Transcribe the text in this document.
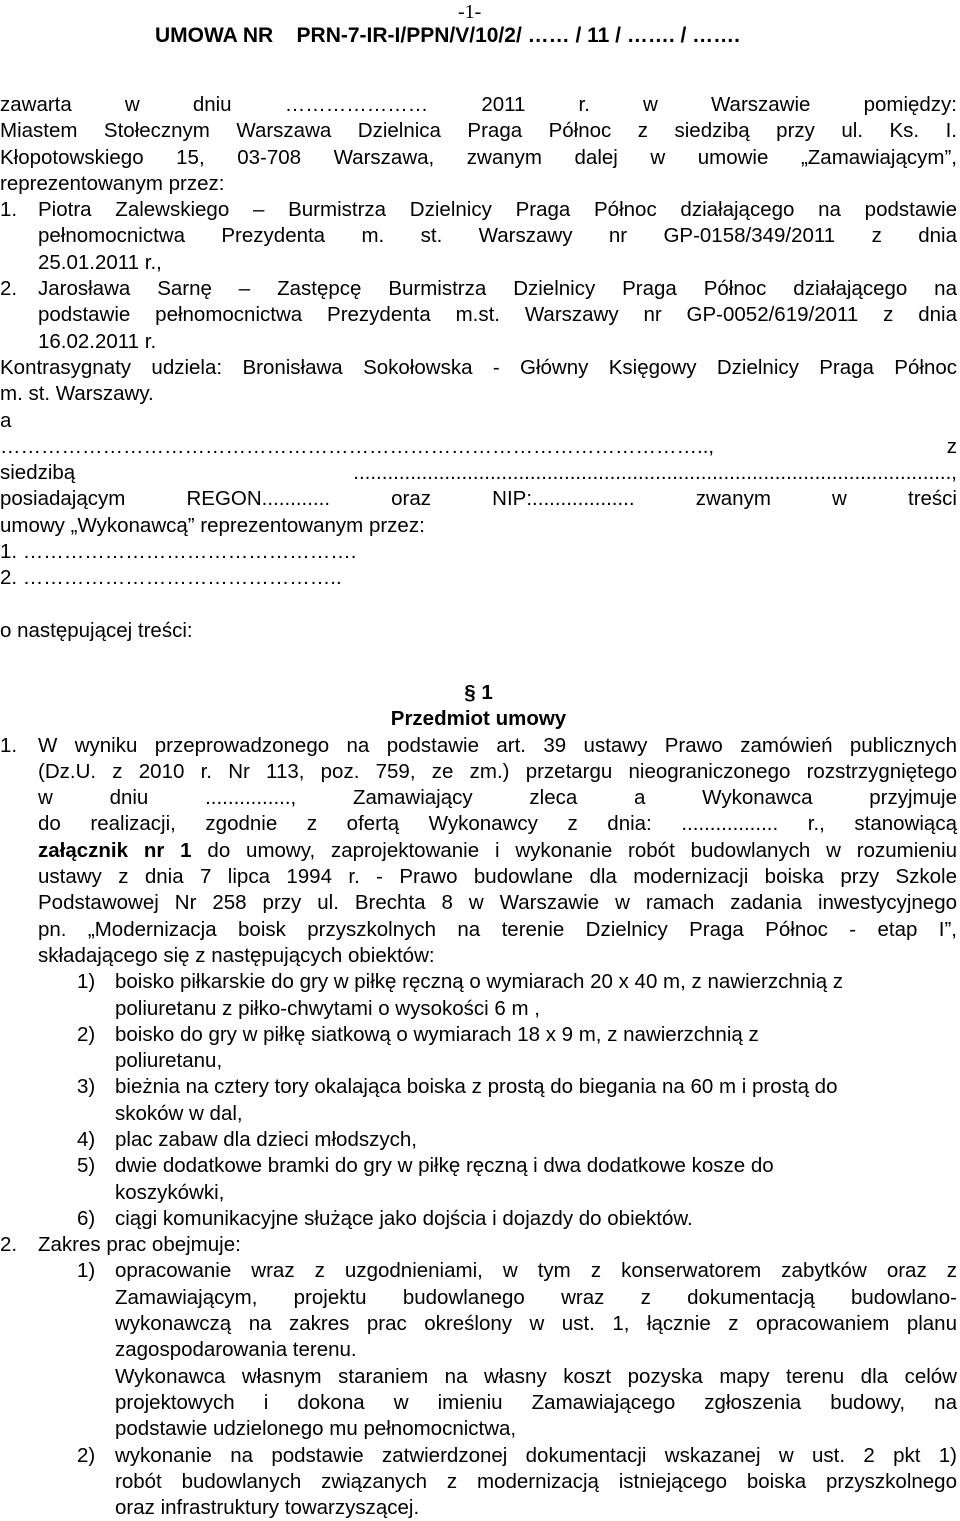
-1-
UMOWA NR    PRN-7-IR-I/PPN/V/10/2/ …… / 11 / ……. / …….

zawarta w dniu ………………… 2011 r. w Warszawie pomiędzy:

Miastem Stołecznym Warszawa Dzielnica Praga Północ z siedzibą przy ul. Ks. I.

Kłopotowskiego 15, 03-708 Warszawa, zwanym dalej w umowie „Zamawiającym”,

reprezentowanym przez:

1.	Piotra Zalewskiego – Burmistrza Dzielnicy Praga Północ działającego na podstawie

pełnomocnictwa Prezydenta m. st. Warszawy nr GP-0158/349/2011 z dnia

25.01.2011 r.,

2.	Jarosława Sarnę – Zastępcę Burmistrza Dzielnicy Praga Północ działającego na

podstawie pełnomocnictwa Prezydenta m.st. Warszawy nr GP-0052/619/2011 z dnia

16.02.2011 r.

Kontrasygnaty udziela: Bronisława Sokołowska - Główny Księgowy Dzielnicy Praga Północ

m. st. Warszawy.

a

………………………………………………………………………………………….., z

siedzibą .........................................................................................................,

posiadającym REGON............ oraz NIP:.................. zwanym w treści

umowy „Wykonawcą” reprezentowanym przez:

1. ………………………………………….

2. ………………………………………..

o następującej treści:

§ 1

Przedmiot umowy

1.	W wyniku przeprowadzonego na podstawie art. 39 ustawy Prawo zamówień publicznych

(Dz.U. z 2010 r. Nr 113, poz. 759, ze zm.) przetargu nieograniczonego rozstrzygniętego

w dniu ..............., Zamawiający zleca a Wykonawca przyjmuje

do realizacji, zgodnie z ofertą Wykonawcy z dnia: ................. r., stanowiącą

załącznik nr 1 do umowy, zaprojektowanie i wykonanie robót budowlanych w rozumieniu

ustawy z dnia 7 lipca 1994 r. - Prawo budowlane dla modernizacji boiska przy Szkole

Podstawowej Nr 258 przy ul. Brechta 8 w Warszawie w ramach zadania inwestycyjnego

pn. „Modernizacja boisk przyszkolnych na terenie Dzielnicy Praga Północ - etap I”,

składającego się z następujących obiektów:

1) boisko piłkarskie do gry w piłkę ręczną o wymiarach 20 x 40 m, z nawierzchnią z

poliuretanu z piłko-chwytami o wysokości 6 m ,

2) boisko do gry w piłkę siatkową o wymiarach 18 x 9 m, z nawierzchnią z

poliuretanu,

3) bieżnia na cztery tory okalająca boiska z prostą do biegania na 60 m i prostą do

skoków w dal,

4) plac zabaw dla dzieci młodszych,

5) dwie dodatkowe bramki do gry w piłkę ręczną i dwa dodatkowe kosze do

koszykówki,

6) ciągi komunikacyjne służące jako dojścia i dojazdy do obiektów.

2.	Zakres prac obejmuje:

1) opracowanie wraz z uzgodnieniami, w tym z konserwatorem zabytków oraz z

Zamawiającym, projektu budowlanego wraz z dokumentacją budowlano-

wykonawczą na zakres prac określony w ust. 1, łącznie z opracowaniem planu

zagospodarowania terenu.

Wykonawca własnym staraniem na własny koszt pozyska mapy terenu dla celów

projektowych i dokona w imieniu Zamawiającego zgłoszenia budowy, na

podstawie udzielonego mu pełnomocnictwa,

2) wykonanie na podstawie zatwierdzonej dokumentacji wskazanej w ust. 2 pkt 1)

robót budowlanych związanych z modernizacją istniejącego boiska przyszkolnego

oraz infrastruktury towarzyszącej.
